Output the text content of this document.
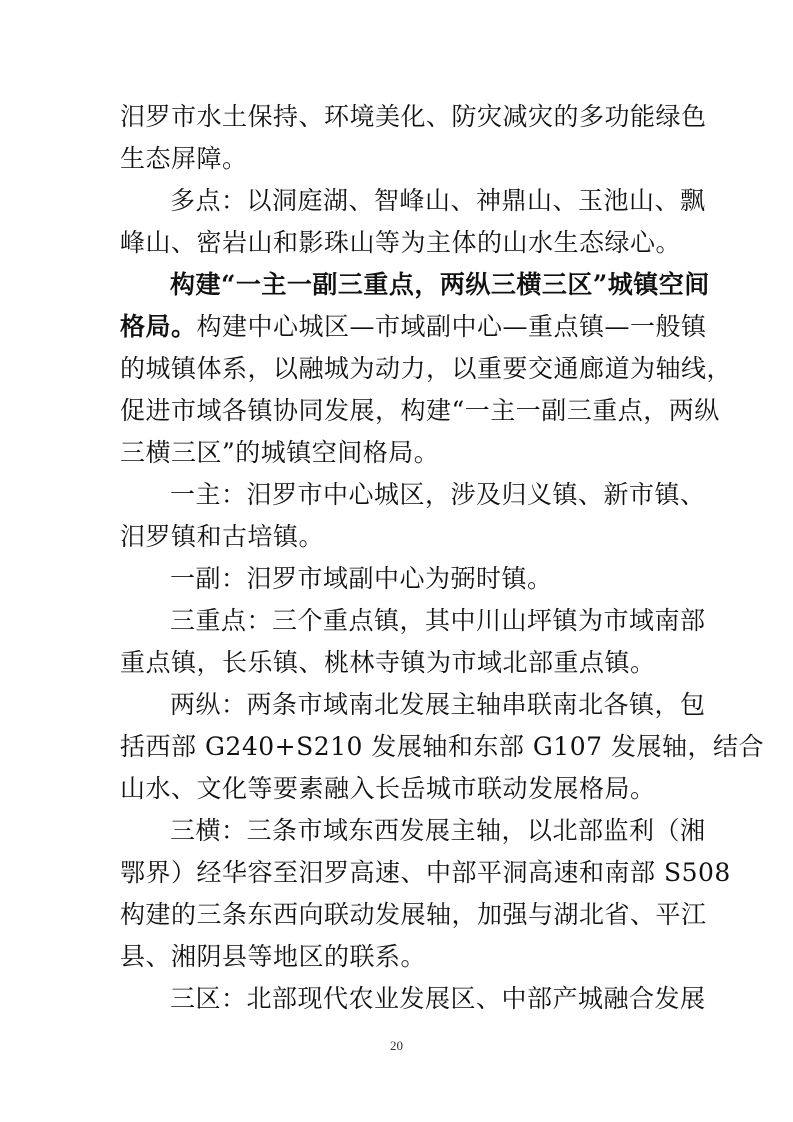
汨罗市水土保持、环境美化、防灾减灾的多功能绿色
生态屏障。
多点：以洞庭湖、智峰山、神鼎山、玉池山、飘
峰山、密岩山和影珠山等为主体的山水生态绿心。
构建“一主一副三重点，两纵三横三区”城镇空间
格局。构建中心城区—市域副中心—重点镇—一般镇
的城镇体系，以融城为动力，以重要交通廊道为轴线，
促进市域各镇协同发展，构建“一主一副三重点，两纵
三横三区”的城镇空间格局。
一主：汨罗市中心城区，涉及归义镇、新市镇、
汨罗镇和古培镇。
一副：汨罗市域副中心为弼时镇。
三重点：三个重点镇，其中川山坪镇为市域南部
重点镇，长乐镇、桃林寺镇为市域北部重点镇。
两纵：两条市域南北发展主轴串联南北各镇，包
括西部 G240+S210 发展轴和东部 G107 发展轴，结合
山水、文化等要素融入长岳城市联动发展格局。
三横：三条市域东西发展主轴，以北部监利（湘
鄂界）经华容至汨罗高速、中部平洞高速和南部 S508
构建的三条东西向联动发展轴，加强与湖北省、平江
县、湘阴县等地区的联系。
三区：北部现代农业发展区、中部产城融合发展
20
